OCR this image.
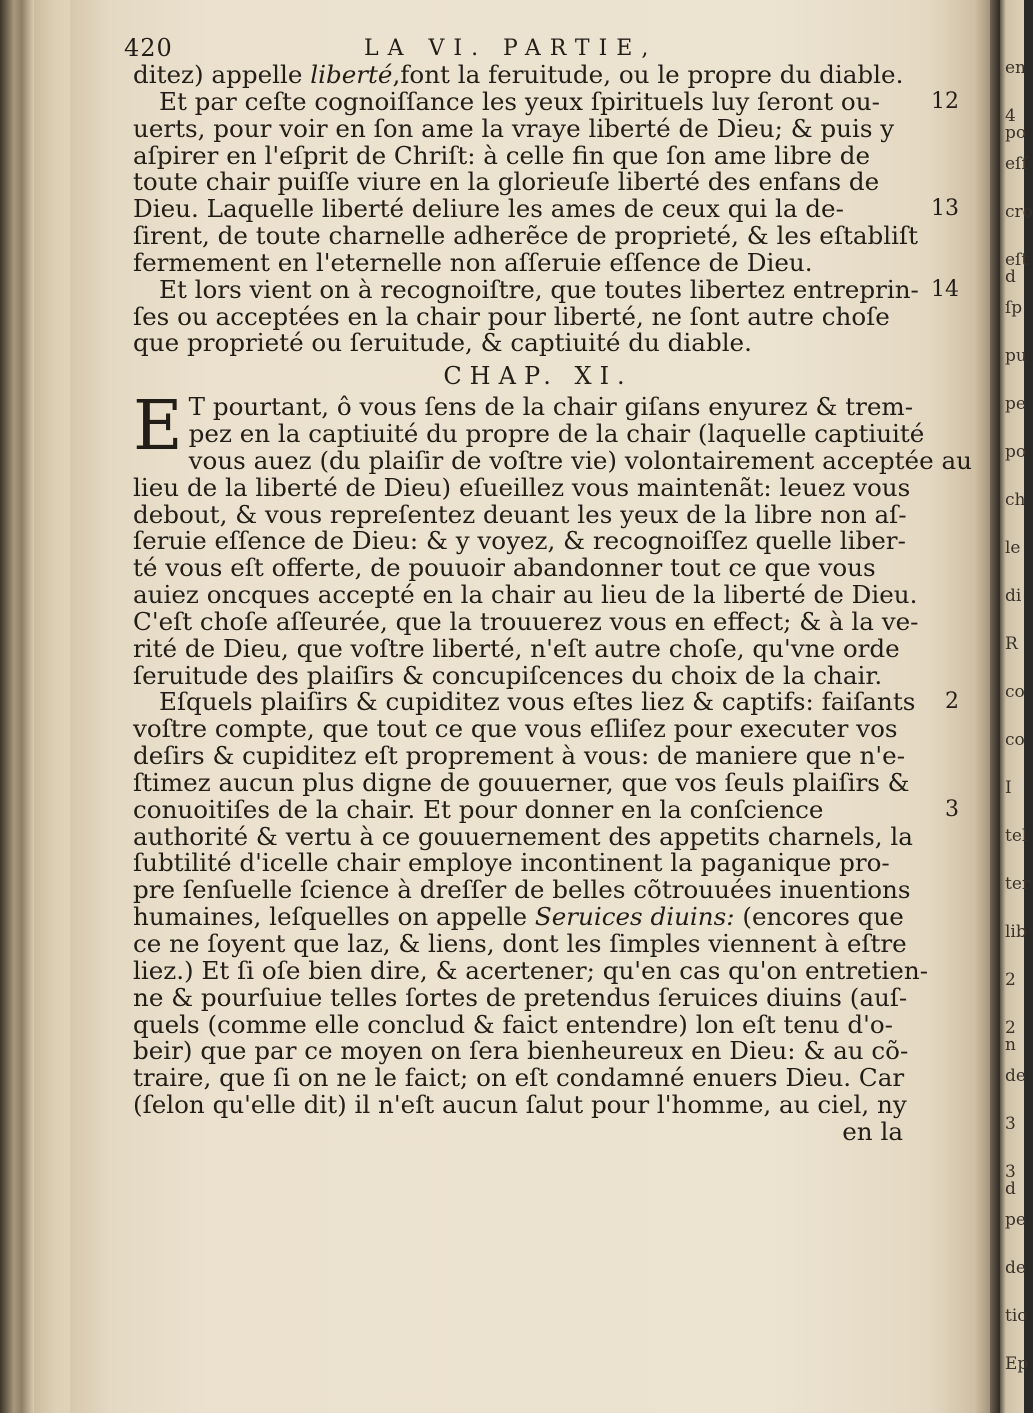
en
4 po
eſſ
cro
eſt d
ſp
pu
pe
po
ch
le
di
R
co
co
I
tel
ter
lib
2
2 n
de
3
3 d
pe
de
tio
Ep
420	LA VI. PARTIE,
ditez) appelle liberté,font la feruitude, ou le propre du diable.
Et par ceſte cognoiſſance les yeux ſpirituels luy ſeront ou- 12
uerts, pour voir en ſon ame la vraye liberté de Dieu; & puis y
aſpirer en l'eſprit de Chriſt: à celle fin que ſon ame libre de
toute chair puiſſe viure en la glorieuſe liberté des enfans de
Dieu. Laquelle liberté deliure les ames de ceux qui la de-	13
ſirent, de toute charnelle adherẽce de proprieté, & les eſtabliſt
fermement en l'eternelle non aſſeruie eſſence de Dieu.
Et lors vient on à recognoiſtre, que toutes libertez entreprin- 14
ſes ou acceptées en la chair pour liberté, ne ſont autre choſe
que proprieté ou ſeruitude, & captiuité du diable.
CHAP. XI.
E T pourtant, ô vous ſens de la chair giſans enyurez & trem-
pez en la captiuité du propre de la chair (laquelle captiuité
vous auez (du plaiſir de voſtre vie) volontairement acceptée au
lieu de la liberté de Dieu) eſueillez vous maintenãt: leuez vous
debout, & vous repreſentez deuant les yeux de la libre non aſ-
ſeruie eſſence de Dieu: & y voyez, & recognoiſſez quelle liber-
té vous eſt offerte, de pouuoir abandonner tout ce que vous
auiez oncques accepté en la chair au lieu de la liberté de Dieu.
C'eſt choſe aſſeurée, que la trouuerez vous en effect; & à la ve-
rité de Dieu, que voſtre liberté, n'eſt autre choſe, qu'vne orde
ſeruitude des plaiſirs & concupiſcences du choix de la chair.
Eſquels plaiſirs & cupiditez vous eſtes liez & captifs: faiſants 2
voſtre compte, que tout ce que vous eſliſez pour executer vos
deſirs & cupiditez eſt proprement à vous: de maniere que n'e-
ſtimez aucun plus digne de gouuerner, que vos ſeuls plaiſirs &
conuoitiſes de la chair. Et pour donner en la conſcience	3
authorité & vertu à ce gouuernement des appetits charnels, la
ſubtilité d'icelle chair employe incontinent la paganique pro-
pre ſenſuelle ſcience à dreſſer de belles cõtrouuées inuentions
humaines, leſquelles on appelle Seruices diuins: (encores que
ce ne ſoyent que laz, & liens, dont les ſimples viennent à eſtre
liez.) Et ſi oſe bien dire, & acertener; qu'en cas qu'on entretien-
ne & pourſuiue telles ſortes de pretendus ſeruices diuins (auſ-
quels (comme elle conclud & faict entendre) lon eſt tenu d'o-
beir) que par ce moyen on ſera bienheureux en Dieu: & au cõ-
traire, que ſi on ne le faict; on eſt condamné enuers Dieu. Car
(ſelon qu'elle dit) il n'eſt aucun ſalut pour l'homme, au ciel, ny
en la
